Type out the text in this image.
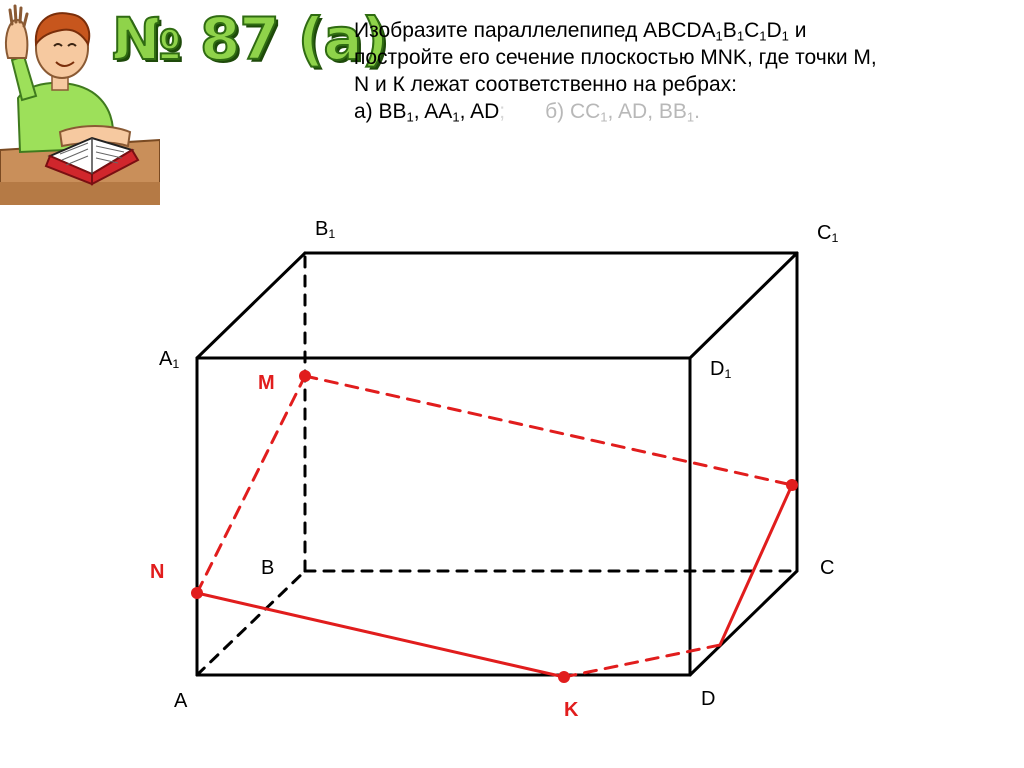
№ 87 (а)
Изобразите параллелепипед $ABCDA_1B_1C_1D_1$ и
постройте его сечение плоскостью MNK, где точки M,
N и К лежат соответственно на ребрах:
а) $BB_1$, $AA_1$, AD; б) $CC_1$, AD, $BB_1$.
A
B	C
D
$A_1$
$B_1$	$C_1$
$D_1$
M
N
K
